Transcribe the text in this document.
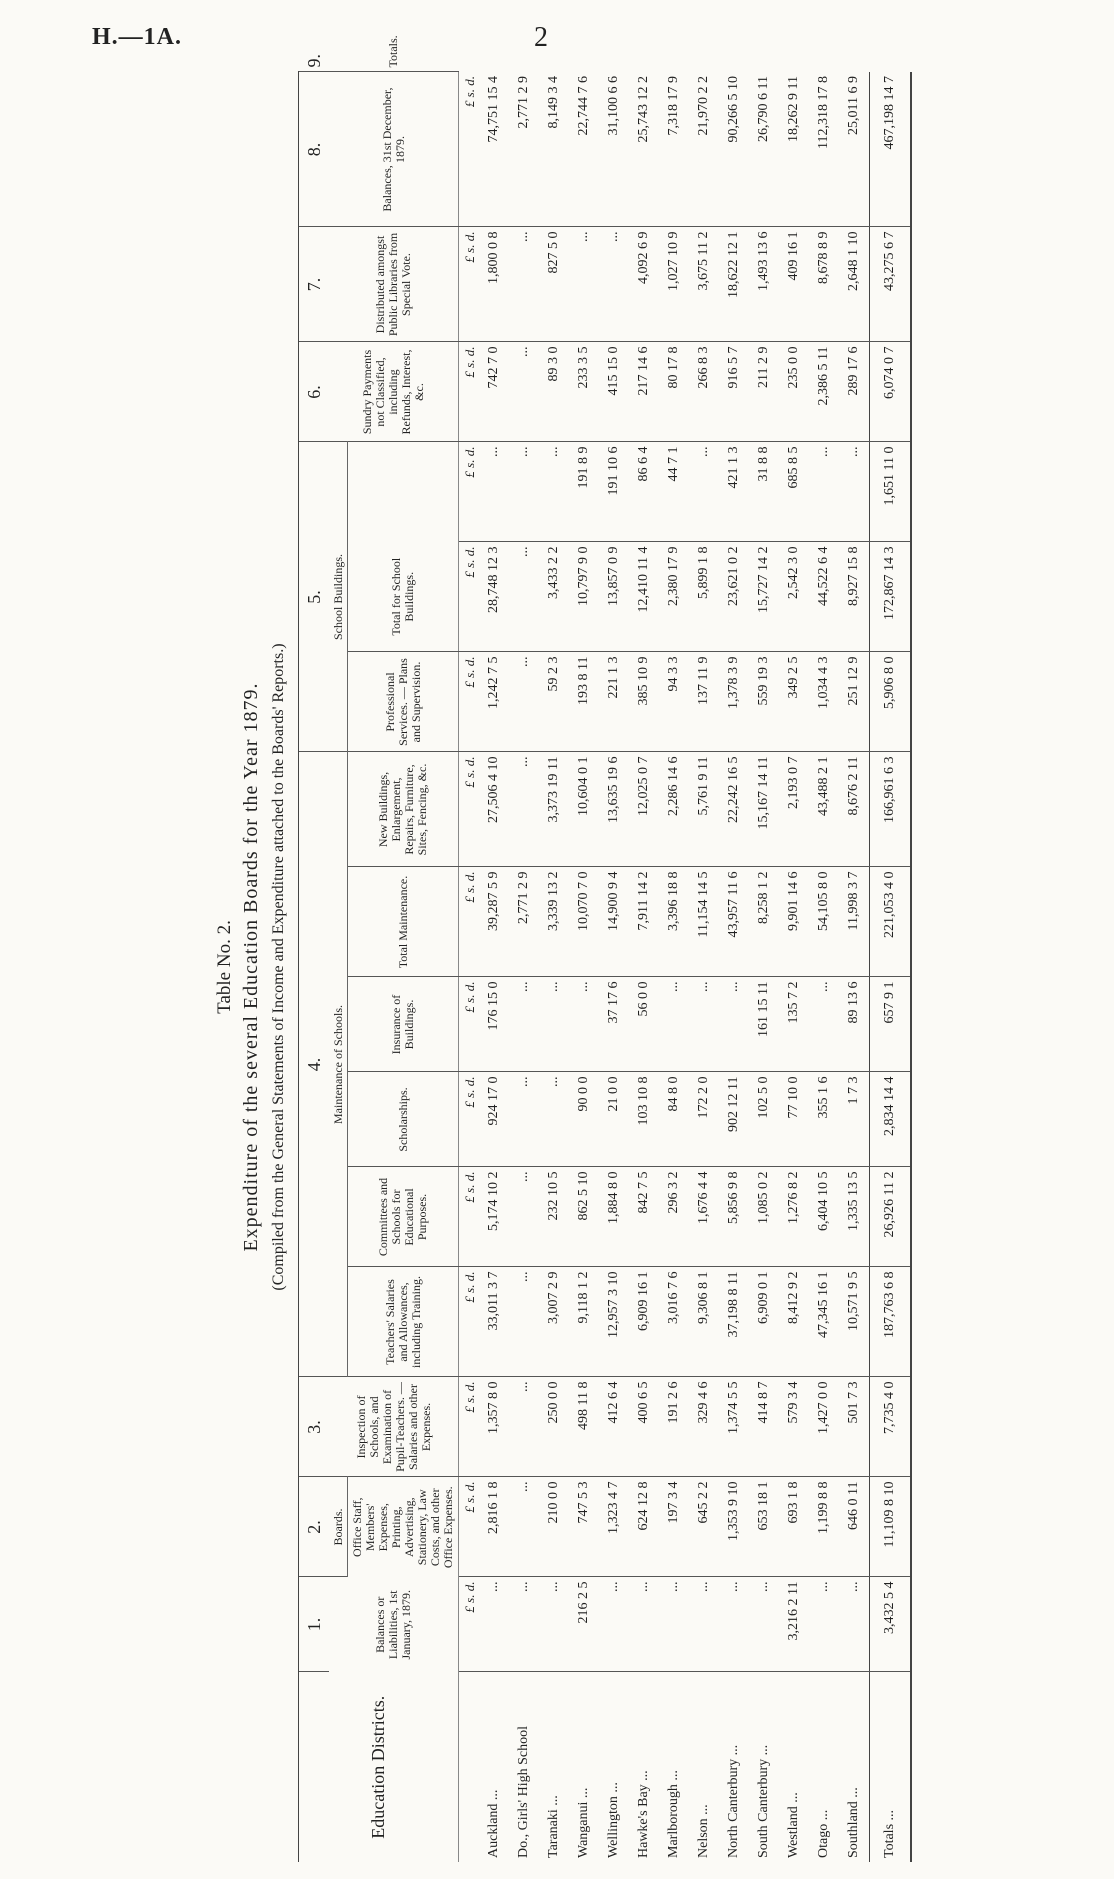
H.—1A.	2
Table No. 2. Expenditure of the several Education Boards for the Year 1879. (Compiled from the General Statements of Income and Expenditure attached to the Boards' Reports.)
Education Districts.	1.	2.	3.	4.						5.			6.	7.	8.	9.
	Balances or Liabilities, 1st January, 1879.	Boards.	Inspection of Schools, and Examination of Pupil-Teachers. — Salaries and other Expenses.	Maintenance of Schools.						School Buildings.			Sundry Payments not Classified, including Refunds, Interest, &c.	Distributed amongst Public Libraries from Special Vote.	Balances, 31st December, 1879.	Totals.
		Office Staff, Members' Expenses, Printing, Advertising, Stationery, Law Costs, and other Office Expenses.		Teachers' Salaries and Allowances, including Training.	Committees and Schools for Educational Purposes.	Scholarships.	Insurance of Buildings.	Total Maintenance.	New Buildings, Enlargement, Repairs, Furniture, Sites, Fencing, &c.	Professional Services. — Plans and Supervision.	Total for School Buildings.					
	£ s. d.	£ s. d.	£ s. d.	£ s. d.	£ s. d.	£ s. d.	£ s. d.	£ s. d.	£ s. d.	£ s. d.	£ s. d.	£ s. d.	£ s. d.	£ s. d.	£ s. d.	
Auckland ...	...	2,816 1 8	1,357 8 0	33,011 3 7	5,174 10 2	924 17 0	176 15 0	39,287 5 9	27,506 4 10	1,242 7 5	28,748 12 3	...	742 7 0	1,800 0 8	74,751 15 4	
Do., Girls' High School	...	...	...	...	...	...	...	2,771 2 9	...	...	...	...	...	...	2,771 2 9	
Taranaki ...	...	210 0 0	250 0 0	3,007 2 9	232 10 5	...	...	3,339 13 2	3,373 19 11	59 2 3	3,433 2 2	...	89 3 0	827 5 0	8,149 3 4	
Wanganui ...	216 2 5	747 5 3	498 11 8	9,118 1 2	862 5 10	90 0 0	...	10,070 7 0	10,604 0 1	193 8 11	10,797 9 0	191 8 9	233 3 5	...	22,744 7 6	
Wellington ...	...	1,323 4 7	412 6 4	12,957 3 10	1,884 8 0	21 0 0	37 17 6	14,900 9 4	13,635 19 6	221 1 3	13,857 0 9	191 10 6	415 15 0	...	31,100 6 6	
Hawke's Bay ...	...	624 12 8	400 6 5	6,909 16 1	842 7 5	103 10 8	56 0 0	7,911 14 2	12,025 0 7	385 10 9	12,410 11 4	86 6 4	217 14 6	4,092 6 9	25,743 12 2	
Marlborough ...	...	197 3 4	191 2 6	3,016 7 6	296 3 2	84 8 0	...	3,396 18 8	2,286 14 6	94 3 3	2,380 17 9	44 7 1	80 17 8	1,027 10 9	7,318 17 9	
Nelson ...	...	645 2 2	329 4 6	9,306 8 1	1,676 4 4	172 2 0	...	11,154 14 5	5,761 9 11	137 11 9	5,899 1 8	...	266 8 3	3,675 11 2	21,970 2 2	
North Canterbury ...	...	1,353 9 10	1,374 5 5	37,198 8 11	5,856 9 8	902 12 11	...	43,957 11 6	22,242 16 5	1,378 3 9	23,621 0 2	421 1 3	916 5 7	18,622 12 1	90,266 5 10	
South Canterbury ...	...	653 18 1	414 8 7	6,909 0 1	1,085 0 2	102 5 0	161 15 11	8,258 1 2	15,167 14 11	559 19 3	15,727 14 2	31 8 8	211 2 9	1,493 13 6	26,790 6 11	
Westland ...	3,216 2 11	693 1 8	579 3 4	8,412 9 2	1,276 8 2	77 10 0	135 7 2	9,901 14 6	2,193 0 7	349 2 5	2,542 3 0	685 8 5	235 0 0	409 16 1	18,262 9 11	
Otago ...	...	1,199 8 8	1,427 0 0	47,345 16 1	6,404 10 5	355 1 6	...	54,105 8 0	43,488 2 1	1,034 4 3	44,522 6 4	...	2,386 5 11	8,678 8 9	112,318 17 8	
Southland ...	...	646 0 11	501 7 3	10,571 9 5	1,335 13 5	1 7 3	89 13 6	11,998 3 7	8,676 2 11	251 12 9	8,927 15 8	...	289 17 6	2,648 1 10	25,011 6 9	
Totals ...	3,432 5 4	11,109 8 10	7,735 4 0	187,763 6 8	26,926 11 2	2,834 14 4	657 9 1	221,053 4 0	166,961 6 3	5,906 8 0	172,867 14 3	1,651 11 0	6,074 0 7	43,275 6 7	467,198 14 7	
